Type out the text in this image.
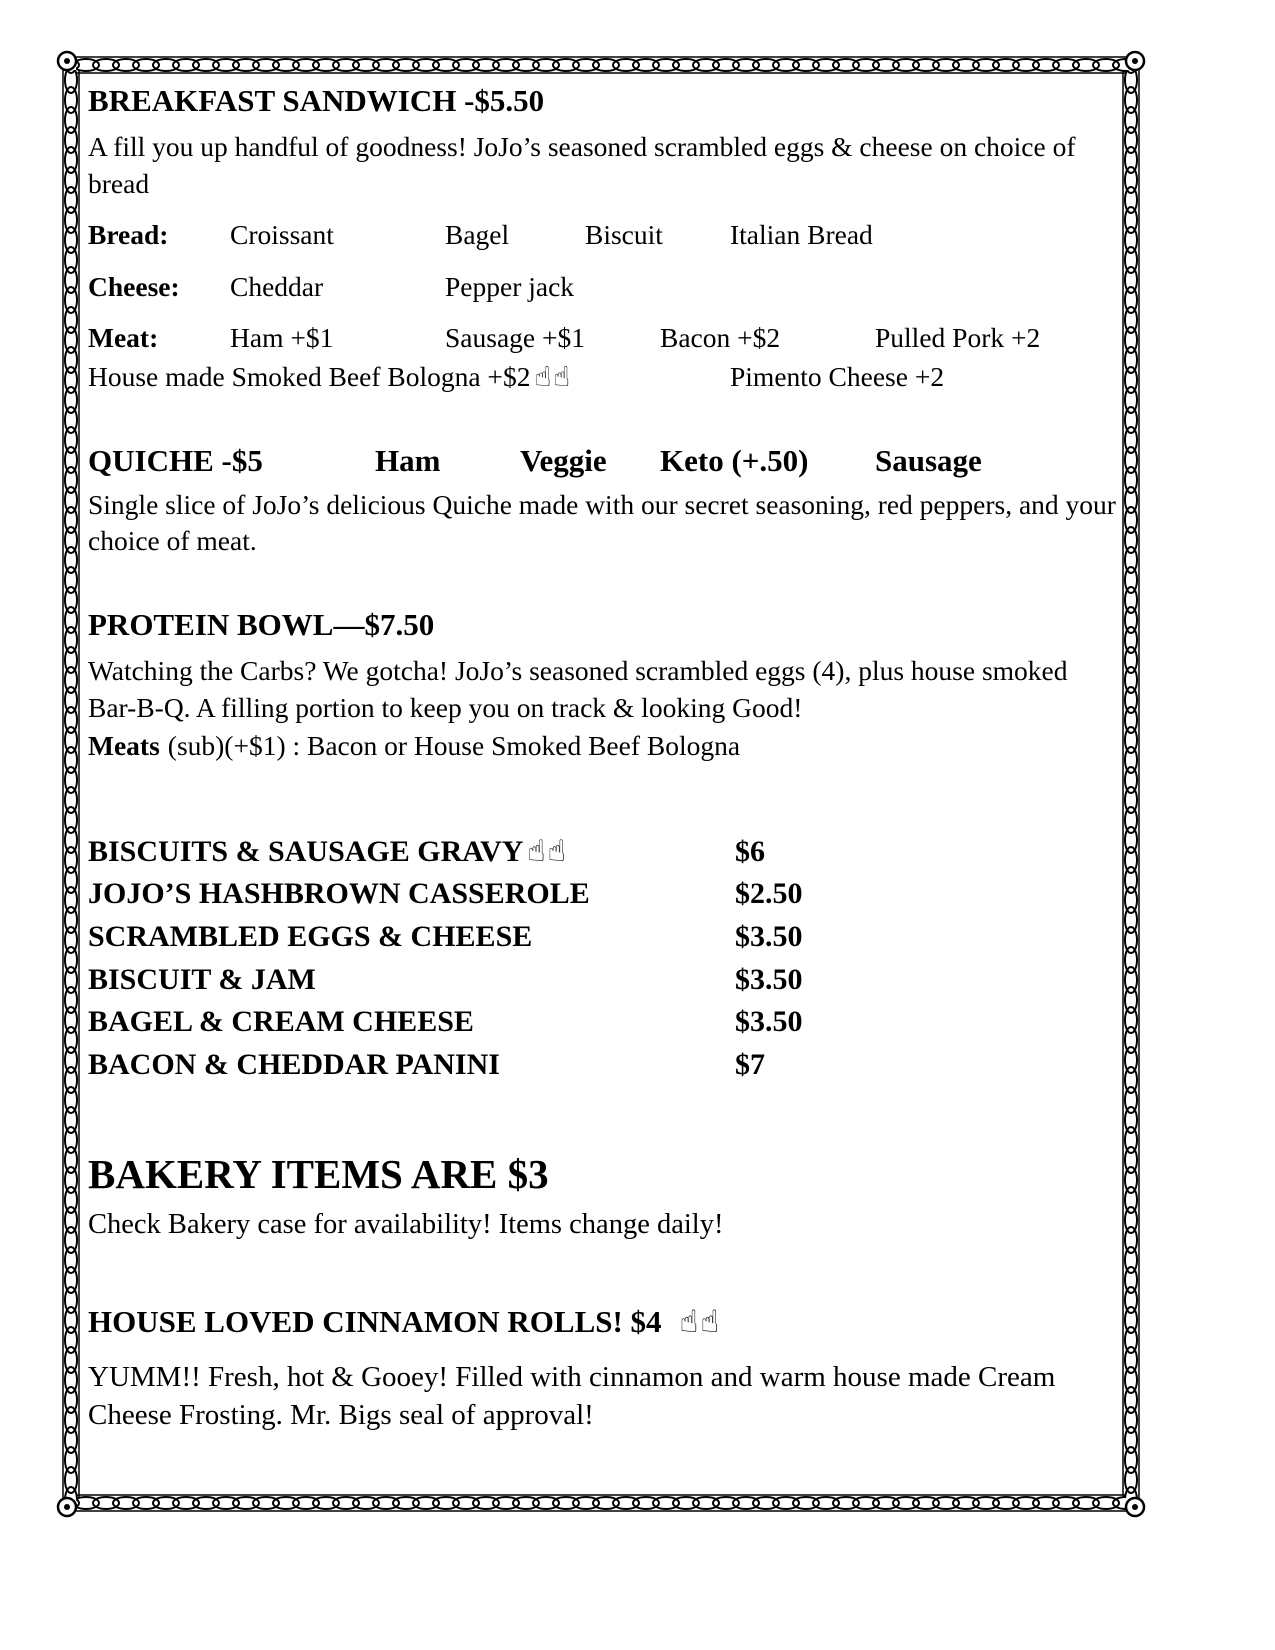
BREAKFAST SANDWICH -$5.50

A fill you up handful of goodness! JoJo’s seasoned scrambled eggs & cheese on choice of bread

Bread: Croissant	Bagel	Biscuit Italian Bread
Cheese: Cheddar	Pepper jack
Meat:	Ham +$1	Sausage +$1	Bacon +$2	Pulled Pork +2
House made Smoked Beef Bologna +$2 ☝☝	Pimento Cheese +2
QUICHE -$5	Ham	Veggie Keto (+.50) Sausage

Single slice of JoJo’s delicious Quiche made with our secret seasoning, red peppers, and your choice of meat.

PROTEIN BOWL—$7.50

Watching the Carbs? We gotcha! JoJo’s seasoned scrambled eggs (4), plus house smoked Bar-B-Q. A filling portion to keep you on track & looking Good!

Meats (sub)(+$1) : Bacon or House Smoked Beef Bologna
BISCUITS & SAUSAGE GRAVY ☝☝	$6
JOJO’S HASHBROWN CASSEROLE	$2.50
SCRAMBLED EGGS & CHEESE	$3.50
BISCUIT & JAM	$3.50
BAGEL & CREAM CHEESE	$3.50
BACON & CHEDDAR PANINI	$7
BAKERY ITEMS ARE $3

Check Bakery case for availability! Items change daily!

HOUSE LOVED CINNAMON ROLLS! $4 ☝☝

YUMM!! Fresh, hot & Gooey! Filled with cinnamon and warm house made Cream Cheese Frosting. Mr. Bigs seal of approval!
